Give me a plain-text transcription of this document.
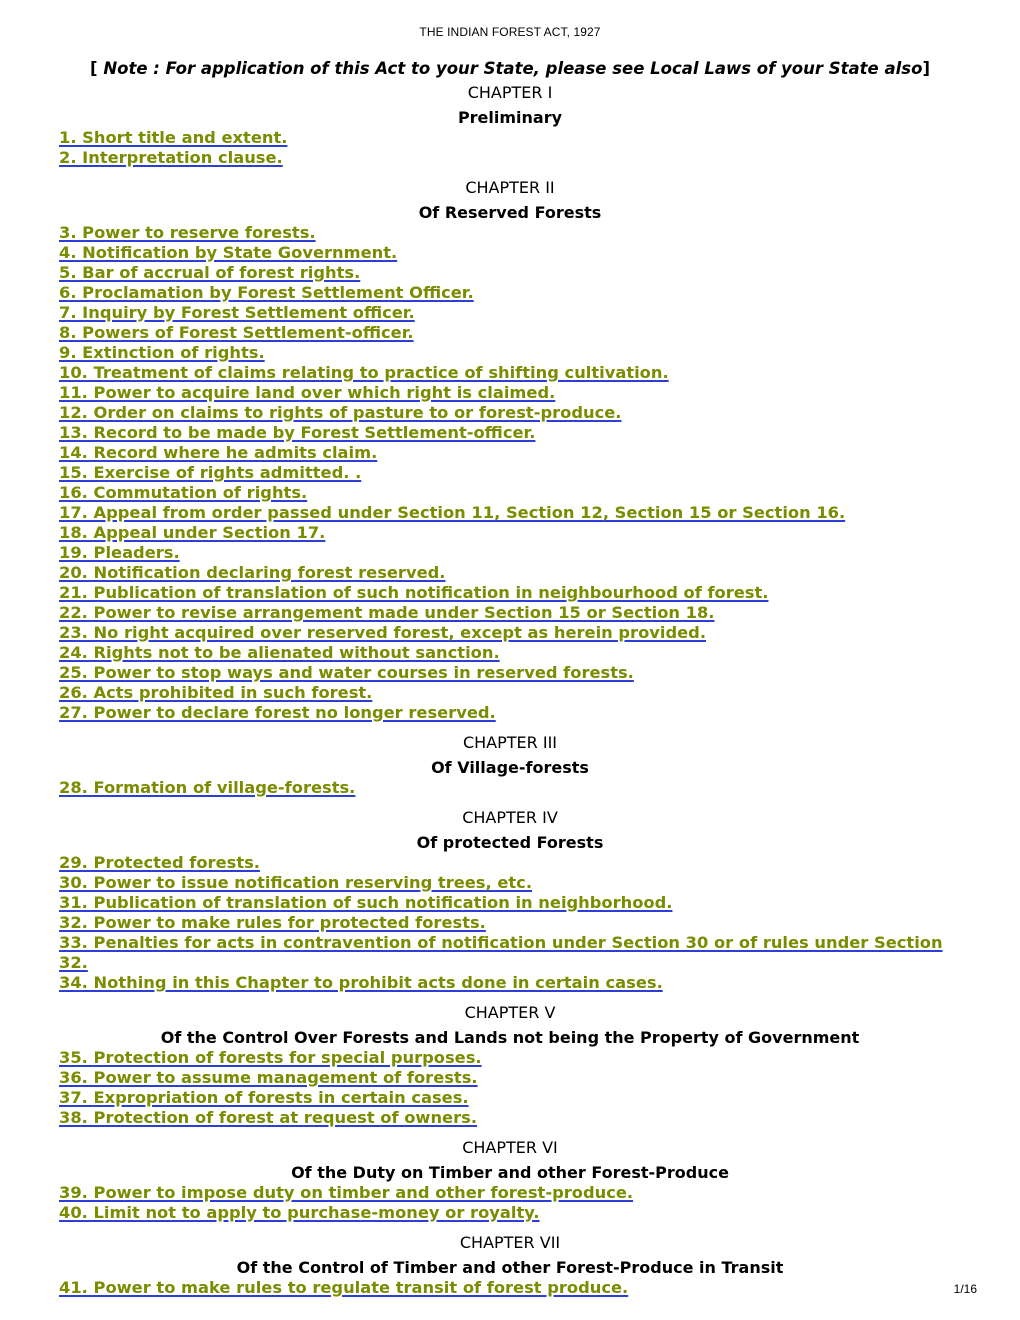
THE INDIAN FOREST ACT, 1927
[ Note : For application of this Act to your State, please see Local Laws of your State also]
CHAPTER I
Preliminary
1. Short title and extent.
2. Interpretation clause.
CHAPTER II
Of Reserved Forests
3. Power to reserve forests.
4. Notification by State Government.
5. Bar of accrual of forest rights.
6. Proclamation by Forest Settlement Officer.
7. Inquiry by Forest Settlement officer.
8. Powers of Forest Settlement-officer.
9. Extinction of rights.
10. Treatment of claims relating to practice of shifting cultivation.
11. Power to acquire land over which right is claimed.
12. Order on claims to rights of pasture to or forest-produce.
13. Record to be made by Forest Settlement-officer.
14. Record where he admits claim.
15. Exercise of rights admitted. .
16. Commutation of rights.
17. Appeal from order passed under Section 11, Section 12, Section 15 or Section 16.
18. Appeal under Section 17.
19. Pleaders.
20. Notification declaring forest reserved.
21. Publication of translation of such notification in neighbourhood of forest.
22. Power to revise arrangement made under Section 15 or Section 18.
23. No right acquired over reserved forest, except as herein provided.
24. Rights not to be alienated without sanction.
25. Power to stop ways and water courses in reserved forests.
26. Acts prohibited in such forest.
27. Power to declare forest no longer reserved.
CHAPTER III
Of Village-forests
28. Formation of village-forests.
CHAPTER IV
Of protected Forests
29. Protected forests.
30. Power to issue notification reserving trees, etc.
31. Publication of translation of such notification in neighborhood.
32. Power to make rules for protected forests.
33. Penalties for acts in contravention of notification under Section 30 or of rules under Section 32.
34. Nothing in this Chapter to prohibit acts done in certain cases.
CHAPTER V
Of the Control Over Forests and Lands not being the Property of Government
35. Protection of forests for special purposes.
36. Power to assume management of forests.
37. Expropriation of forests in certain cases.
38. Protection of forest at request of owners.
CHAPTER VI
Of the Duty on Timber and other Forest-Produce
39. Power to impose duty on timber and other forest-produce.
40. Limit not to apply to purchase-money or royalty.
CHAPTER VII
Of the Control of Timber and other Forest-Produce in Transit
41. Power to make rules to regulate transit of forest produce.	1/16
